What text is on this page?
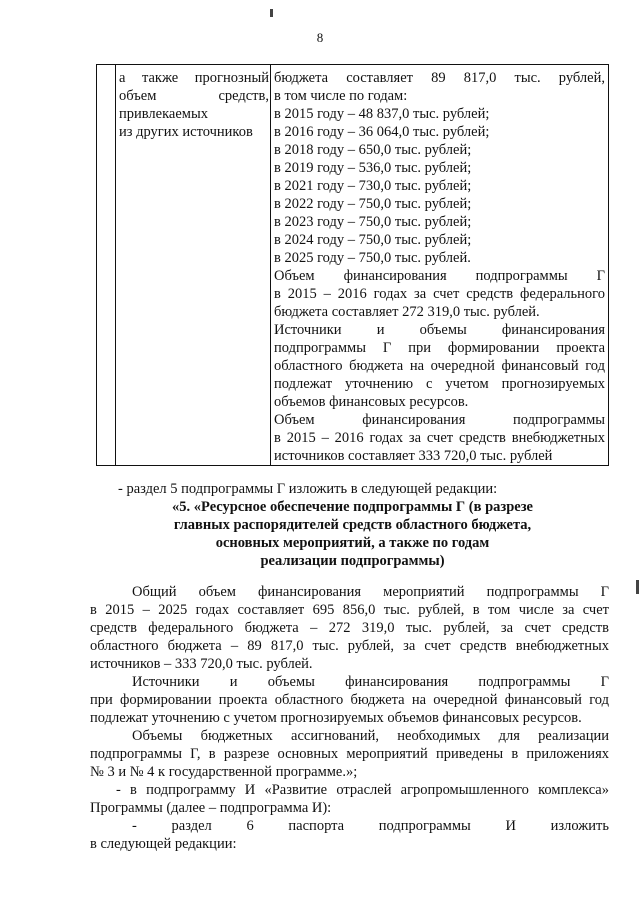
8
а также прогнозный
объем средств,
привлекаемых
из других источников
бюджета составляет 89 817,0 тыс. рублей,
в том числе по годам:
в 2015 году – 48 837,0 тыс. рублей;
в 2016 году – 36 064,0 тыс. рублей;
в 2018 году – 650,0 тыс. рублей;
в 2019 году – 536,0 тыс. рублей;
в 2021 году – 730,0 тыс. рублей;
в 2022 году – 750,0 тыс. рублей;
в 2023 году – 750,0 тыс. рублей;
в 2024 году – 750,0 тыс. рублей;
в 2025 году – 750,0 тыс. рублей.
Объем финансирования подпрограммы Г
в 2015 – 2016 годах за счет средств федерального
бюджета составляет 272 319,0 тыс. рублей.
Источники и объемы финансирования
подпрограммы Г при формировании проекта
областного бюджета на очередной финансовый год
подлежат уточнению с учетом прогнозируемых
объемов финансовых ресурсов.
Объем финансирования подпрограммы
в 2015 – 2016 годах за счет средств внебюджетных
источников составляет 333 720,0 тыс. рублей
- раздел 5 подпрограммы Г изложить в следующей редакции:
«5. «Ресурсное обеспечение подпрограммы Г (в разрезе
главных распорядителей средств областного бюджета,
основных мероприятий, а также по годам
реализации подпрограммы)
Общий объем финансирования мероприятий подпрограммы Г
в 2015 – 2025 годах составляет 695 856,0 тыс. рублей, в том числе за счет
средств федерального бюджета – 272 319,0 тыс. рублей, за счет средств
областного бюджета – 89 817,0 тыс. рублей, за счет средств внебюджетных
источников – 333 720,0 тыс. рублей.
Источники и объемы финансирования подпрограммы Г
при формировании проекта областного бюджета на очередной финансовый год
подлежат уточнению с учетом прогнозируемых объемов финансовых ресурсов.
Объемы бюджетных ассигнований, необходимых для реализации
подпрограммы Г, в разрезе основных мероприятий приведены в приложениях
№ 3 и № 4 к государственной программе.»;
- в подпрограмму И «Развитие отраслей агропромышленного комплекса»
Программы (далее – подпрограмма И):
- раздел 6 паспорта подпрограммы И изложить
в следующей редакции:
